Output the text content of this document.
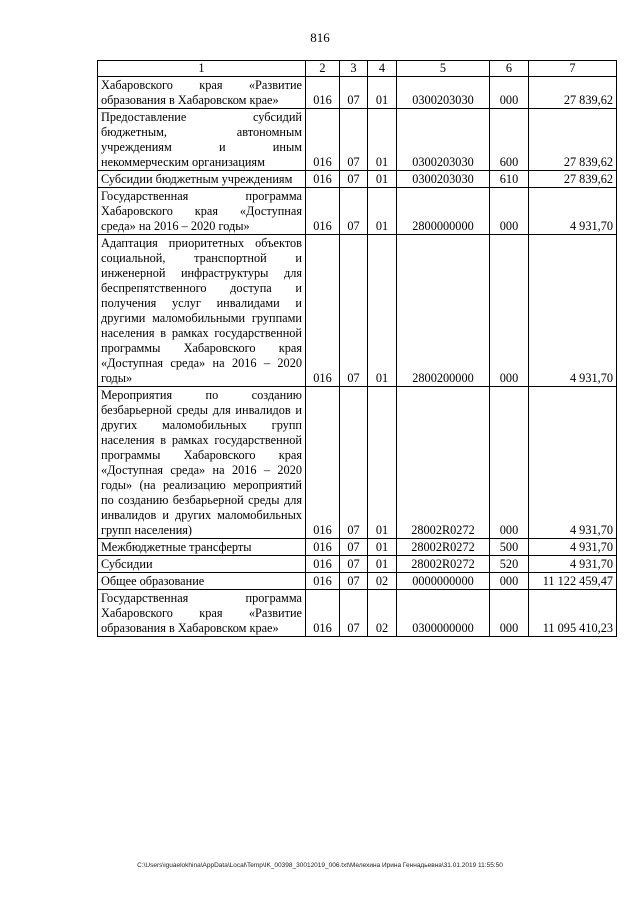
816
1	2	3	4	5	6	7
Хабаровского края «Развитие образования в Хабаровском крае»	016	07	01	0300203030	000	27 839,62
Предоставление субсидий бюджетным, автономным учреждениям и иным некоммерческим организациям	016	07	01	0300203030	600	27 839,62
Субсидии бюджетным учреждениям	016	07	01	0300203030	610	27 839,62
Государственная программа Хабаровского края «Доступная среда» на 2016 – 2020 годы»	016	07	01	2800000000	000	4 931,70
Адаптация приоритетных объектов социальной, транспортной и инженерной инфраструктуры для беспрепятственного доступа и получения услуг инвалидами и другими маломобильными группами населения в рамках государственной программы Хабаровского края «Доступная среда» на 2016 – 2020 годы»	016	07	01	2800200000	000	4 931,70
Мероприятия по созданию безбарьерной среды для инвалидов и других маломобильных групп населения в рамках государственной программы Хабаровского края «Доступная среда» на 2016 – 2020 годы» (на реализацию мероприятий по созданию безбарьерной среды для инвалидов и других маломобильных групп населения)	016	07	01	28002R0272	000	4 931,70
Межбюджетные трансферты	016	07	01	28002R0272	500	4 931,70
Субсидии	016	07	01	28002R0272	520	4 931,70
Общее образование	016	07	02	0000000000	000	11 122 459,47
Государственная программа Хабаровского края «Развитие образования в Хабаровском крае»	016	07	02	0300000000	000	11 095 410,23
C:\Users\iguaelokhina\AppData\Local\Temp\IK_00398_30012019_006.txt\Мелехина Ирина Геннадьевна\31.01.2019 11:55:50
